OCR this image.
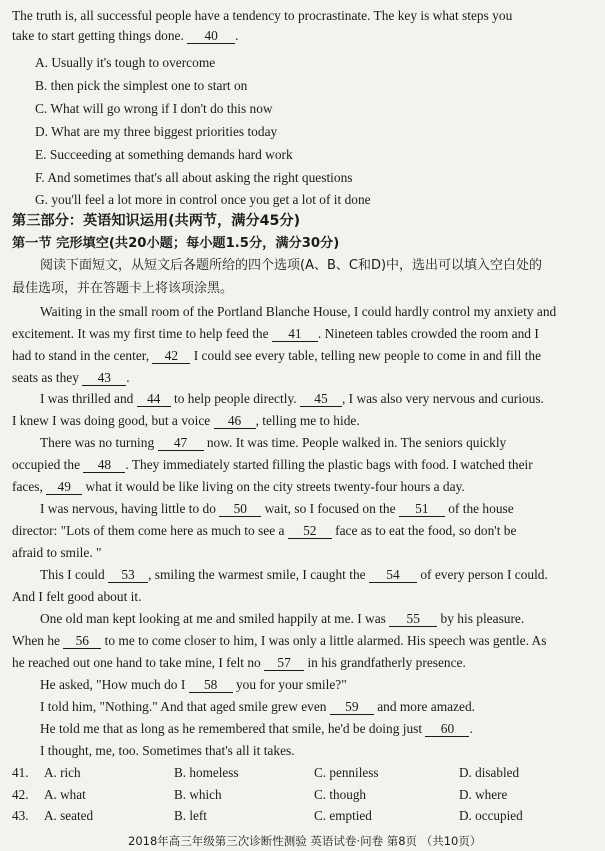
The truth is, all successful people have a tendency to procrastinate. The key is what steps you
take to start getting things done. 40 .
A. Usually it's tough to overcome
B. then pick the simplest one to start on
C. What will go wrong if I don't do this now
D. What are my three biggest priorities today
E. Succeeding at something demands hard work
F. And sometimes that's all about asking the right questions
G. you'll feel a lot more in control once you get a lot of it done
第三部分：英语知识运用(共两节，满分45分)
第一节 完形填空(共20小题；每小题1.5分，满分30分)
阅读下面短文，从短文后各题所给的四个选项(A、B、C和D)中，选出可以填入空白处的
最佳选项，并在答题卡上将该项涂黑。
Waiting in the small room of the Portland Blanche House, I could hardly control my anxiety and
excitement. It was my first time to help feed the 41 . Nineteen tables crowded the room and I
had to stand in the center, 42 I could see every table, telling new people to come in and fill the
seats as they 43 .
I was thrilled and 44 to help people directly. 45 , I was also very nervous and curious.
I knew I was doing good, but a voice 46 , telling me to hide.
There was no turning 47 now. It was time. People walked in. The seniors quickly
occupied the 48 . They immediately started filling the plastic bags with food. I watched their
faces, 49 what it would be like living on the city streets twenty-four hours a day.
I was nervous, having little to do 50 wait, so I focused on the 51 of the house
director: "Lots of them come here as much to see a 52 face as to eat the food, so don't be
afraid to smile. "
This I could 53 , smiling the warmest smile, I caught the 54 of every person I could.
And I felt good about it.
One old man kept looking at me and smiled happily at me. I was 55 by his pleasure.
When he 56 to me to come closer to him, I was only a little alarmed. His speech was gentle. As
he reached out one hand to take mine, I felt no 57 in his grandfatherly presence.
He asked, "How much do I 58 you for your smile?"
I told him, "Nothing." And that aged smile grew even 59 and more amazed.
He told me that as long as he remembered that smile, he'd be doing just 60 .
I thought, me, too. Sometimes that's all it takes.
41. A. rich	B. homeless	C. penniless	D. disabled
42. A. what	B. which	C. though	D. where
43. A. seated	B. left	C. emptied	D. occupied
2018年高三年级第三次诊断性测验 英语试卷·问卷 第8页 （共10页）
